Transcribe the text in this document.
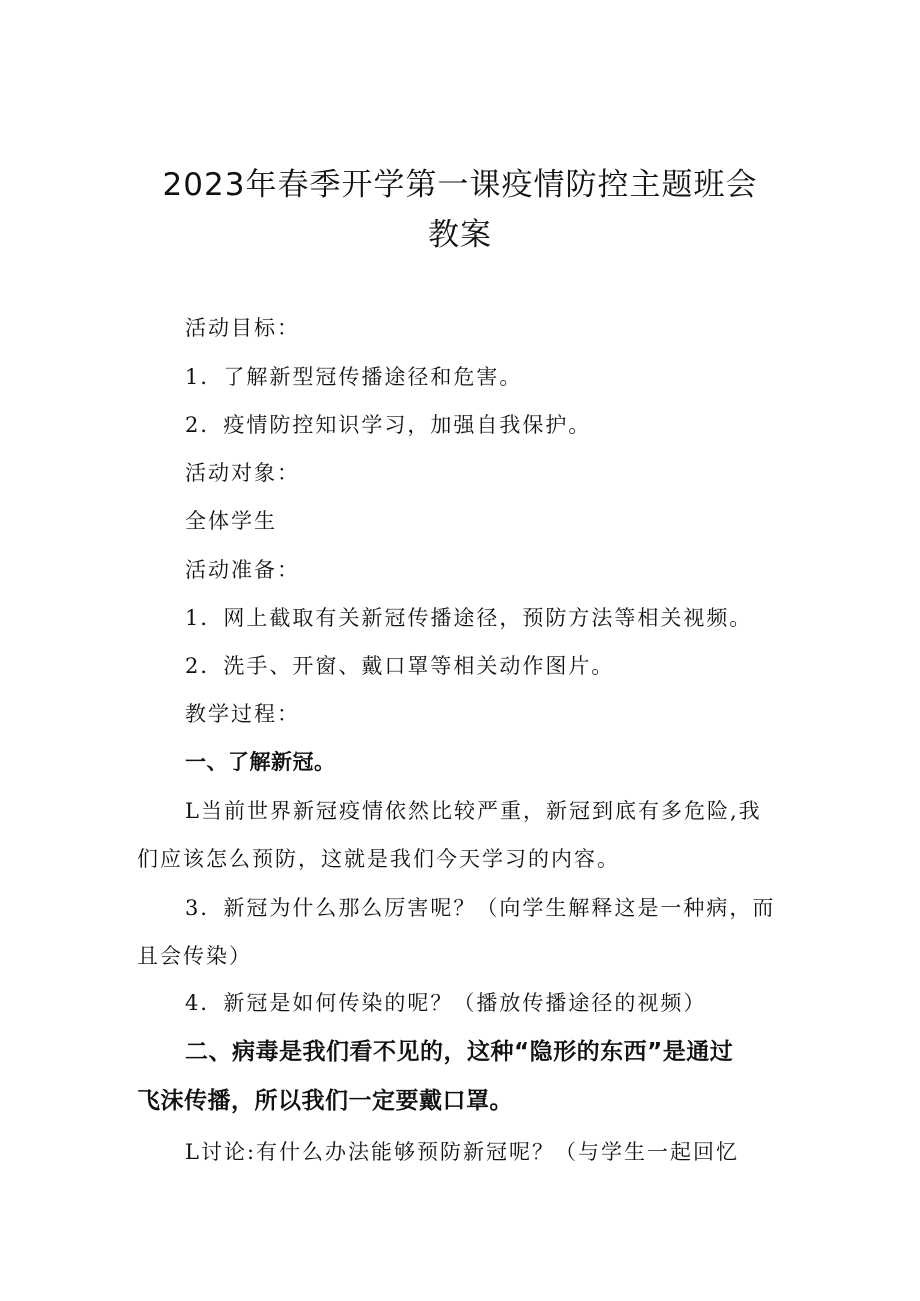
2023年春季开学第一课疫情防控主题班会
教案

活动目标：

1．了解新型冠传播途径和危害。

2．疫情防控知识学习，加强自我保护。

活动对象：

全体学生

活动准备：

1．网上截取有关新冠传播途径，预防方法等相关视频。

2．洗手、开窗、戴口罩等相关动作图片。

教学过程：

一、了解新冠。

L当前世界新冠疫情依然比较严重，新冠到底有多危险,我

们应该怎么预防，这就是我们今天学习的内容。

3．新冠为什么那么厉害呢？（向学生解释这是一种病，而

且会传染）

4．新冠是如何传染的呢？（播放传播途径的视频）

二、病毒是我们看不见的，这种“隐形的东西”是通过

飞沫传播，所以我们一定要戴口罩。

L讨论:有什么办法能够预防新冠呢？（与学生一起回忆
